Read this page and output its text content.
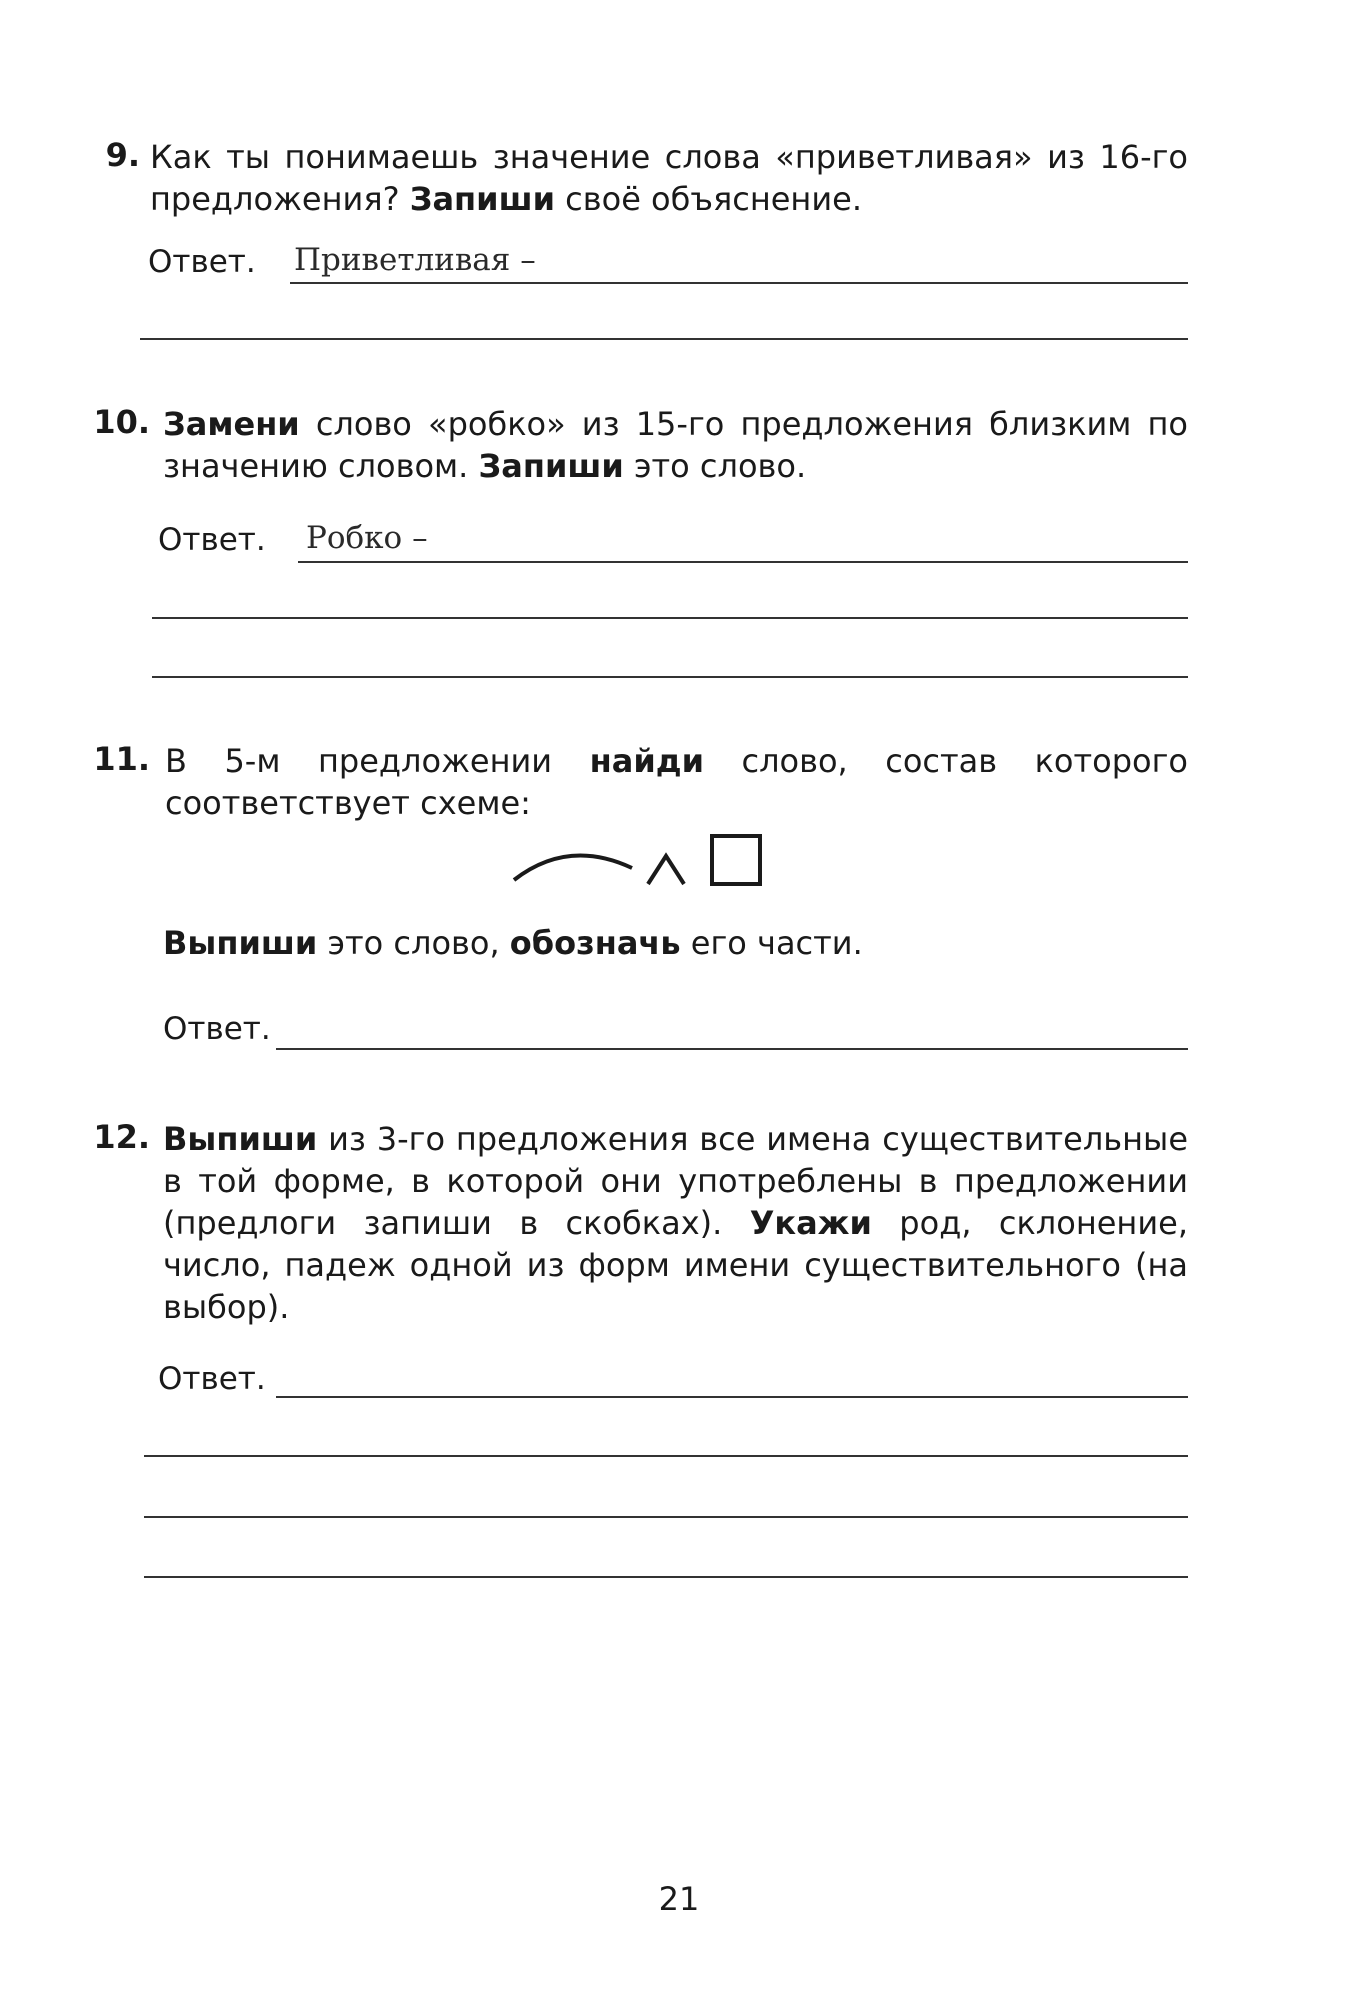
9. Как ты понимаешь значение слова «приветливая» из 16-го предложения? Запиши своё объяснение.
Ответ. Приветливая –
10. Замени слово «робко» из 15-го предложения близким по значению словом. Запиши это слово.
Ответ. Робко –
11. В 5-м предложении найди слово, состав которого соответствует схеме:
Выпиши это слово, обозначь его части.
Ответ.
12. Выпиши из 3-го предложения все имена существительные в той форме, в которой они употреблены в предложении (предлоги запиши в скобках). Укажи род, склонение, число, падеж одной из форм имени существительного (на выбор).
Ответ.
21
